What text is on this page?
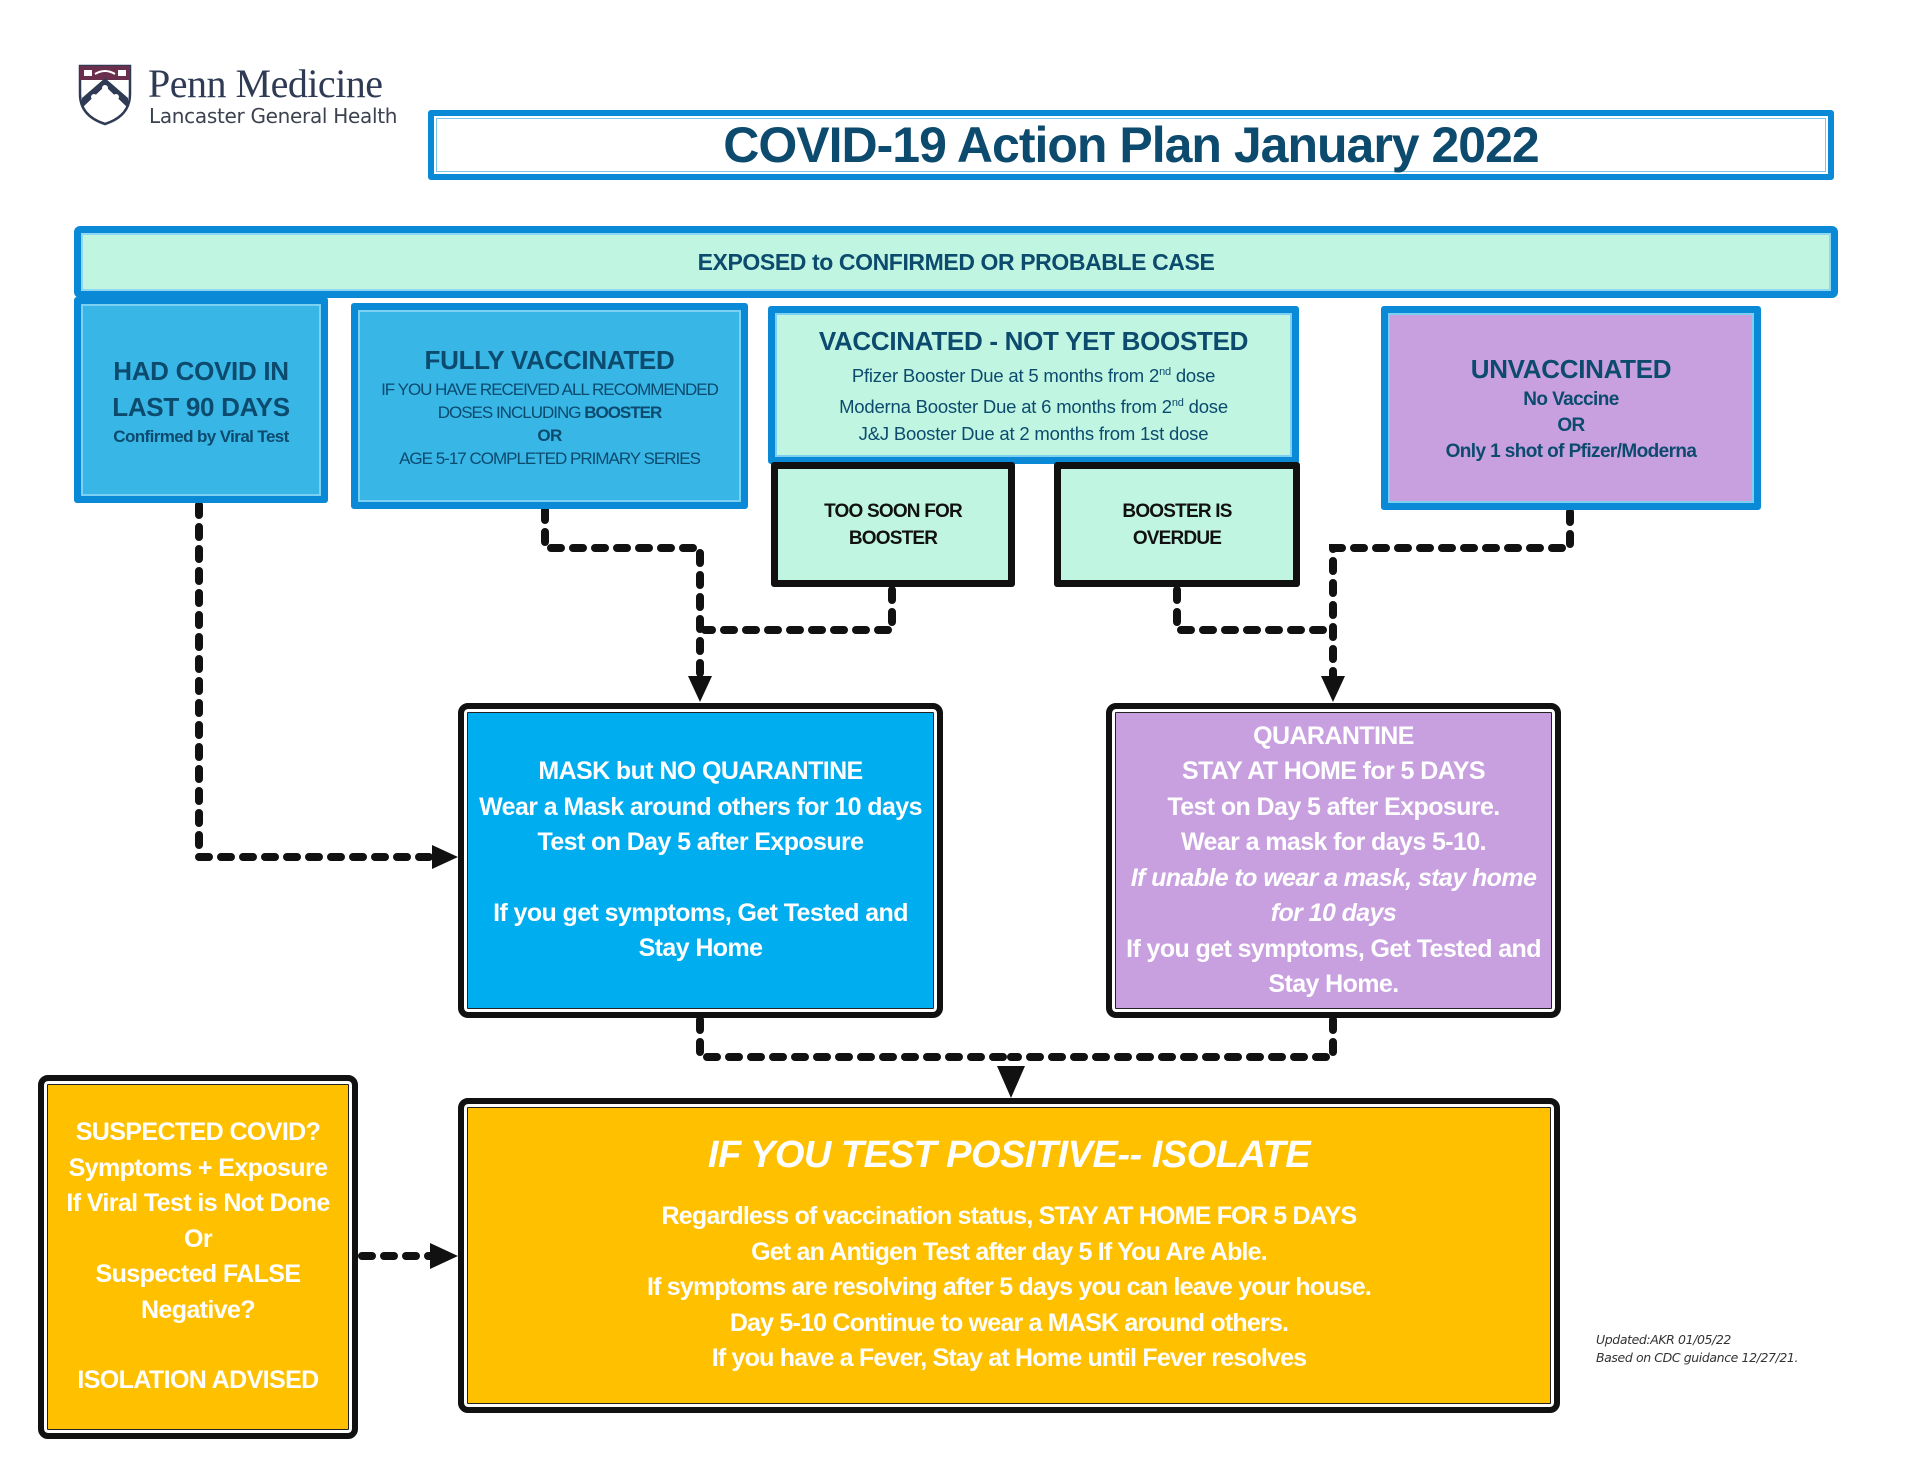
Penn Medicine
Lancaster General Health
COVID-19 Action Plan January 2022
EXPOSED to CONFIRMED OR PROBABLE CASE
HAD COVID IN
LAST 90 DAYS
Confirmed by Viral Test
FULLY VACCINATED
IF YOU HAVE RECEIVED ALL RECOMMENDED
DOSES INCLUDING BOOSTER
OR
AGE 5-17 COMPLETED PRIMARY SERIES
VACCINATED - NOT YET BOOSTED
Pfizer Booster Due at 5 months from 2nd dose
Moderna Booster Due at 6 months from 2nd dose
J&J Booster Due at 2 months from 1st dose
TOO SOON FOR
BOOSTER
BOOSTER IS
OVERDUE
UNVACCINATED
No Vaccine
OR
Only 1 shot of Pfizer/Moderna
MASK but NO QUARANTINE
Wear a Mask around others for 10 days
Test on Day 5 after Exposure
If you get symptoms, Get Tested and
Stay Home
QUARANTINE
STAY AT HOME for 5 DAYS
Test on Day 5 after Exposure.
Wear a mask for days 5-10.
If unable to wear a mask, stay home
for 10 days
If you get symptoms, Get Tested and
Stay Home.
SUSPECTED COVID?
Symptoms + Exposure
If Viral Test is Not Done
Or
Suspected FALSE
Negative?
ISOLATION ADVISED
IF YOU TEST POSITIVE-- ISOLATE
Regardless of vaccination status, STAY AT HOME FOR 5 DAYS
Get an Antigen Test after day 5 If You Are Able.
If symptoms are resolving after 5 days you can leave your house.
Day 5-10 Continue to wear a MASK around others.
If you have a Fever, Stay at Home until Fever resolves
Updated:AKR 01/05/22
Based on CDC guidance 12/27/21.
